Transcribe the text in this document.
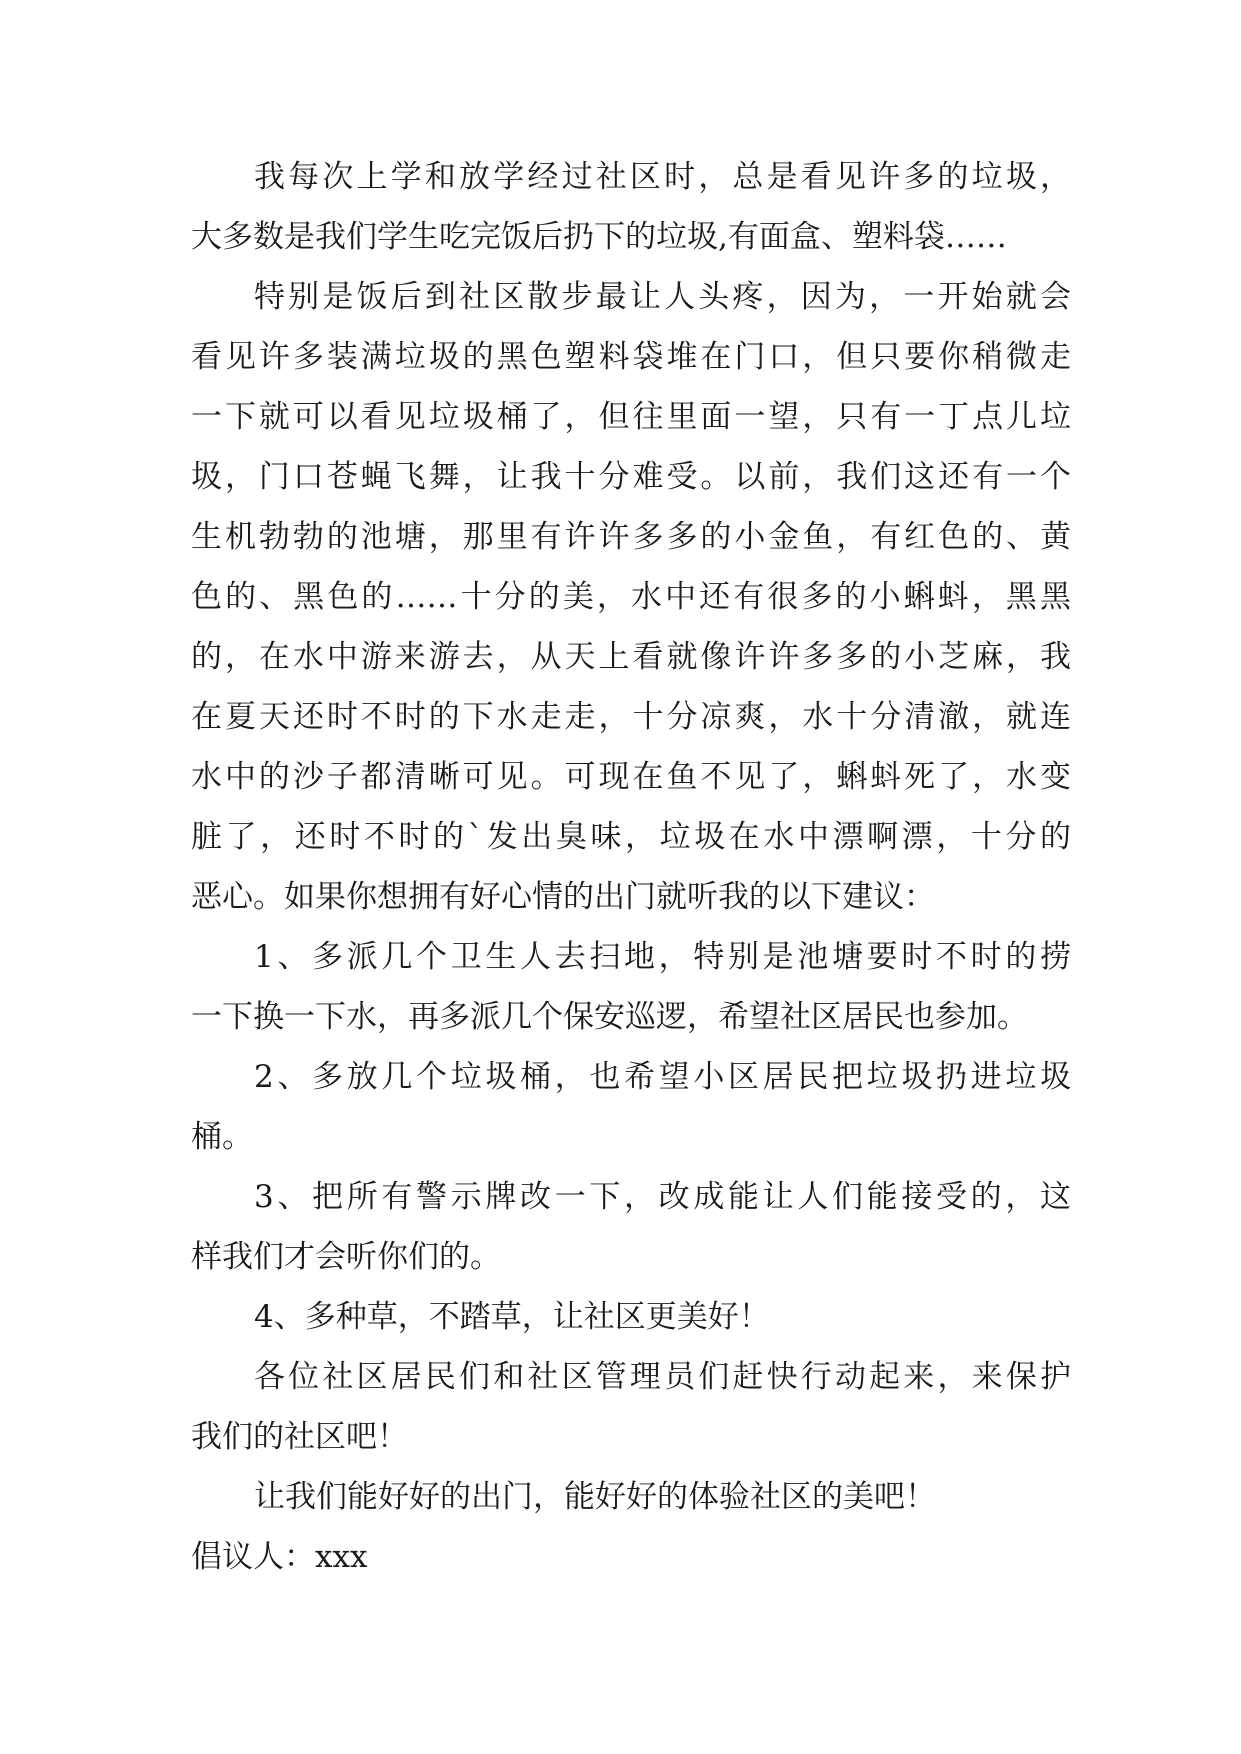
我每次上学和放学经过社区时，总是看见许多的垃圾，
大多数是我们学生吃完饭后扔下的垃圾,有面盒、塑料袋……
特别是饭后到社区散步最让人头疼，因为，一开始就会
看见许多装满垃圾的黑色塑料袋堆在门口，但只要你稍微走
一下就可以看见垃圾桶了，但往里面一望，只有一丁点儿垃
圾，门口苍蝇飞舞，让我十分难受。以前，我们这还有一个
生机勃勃的池塘，那里有许许多多的小金鱼，有红色的、黄
色的、黑色的……十分的美，水中还有很多的小蝌蚪，黑黑
的，在水中游来游去，从天上看就像许许多多的小芝麻，我
在夏天还时不时的下水走走，十分凉爽，水十分清澈，就连
水中的沙子都清晰可见。可现在鱼不见了，蝌蚪死了，水变
脏了，还时不时的`发出臭味，垃圾在水中漂啊漂，十分的
恶心。如果你想拥有好心情的出门就听我的以下建议：
1、多派几个卫生人去扫地，特别是池塘要时不时的捞
一下换一下水，再多派几个保安巡逻，希望社区居民也参加。
2、多放几个垃圾桶，也希望小区居民把垃圾扔进垃圾
桶。
3、把所有警示牌改一下，改成能让人们能接受的，这
样我们才会听你们的。
4、多种草，不踏草，让社区更美好！
各位社区居民们和社区管理员们赶快行动起来，来保护
我们的社区吧！
让我们能好好的出门，能好好的体验社区的美吧！
倡议人：xxx
